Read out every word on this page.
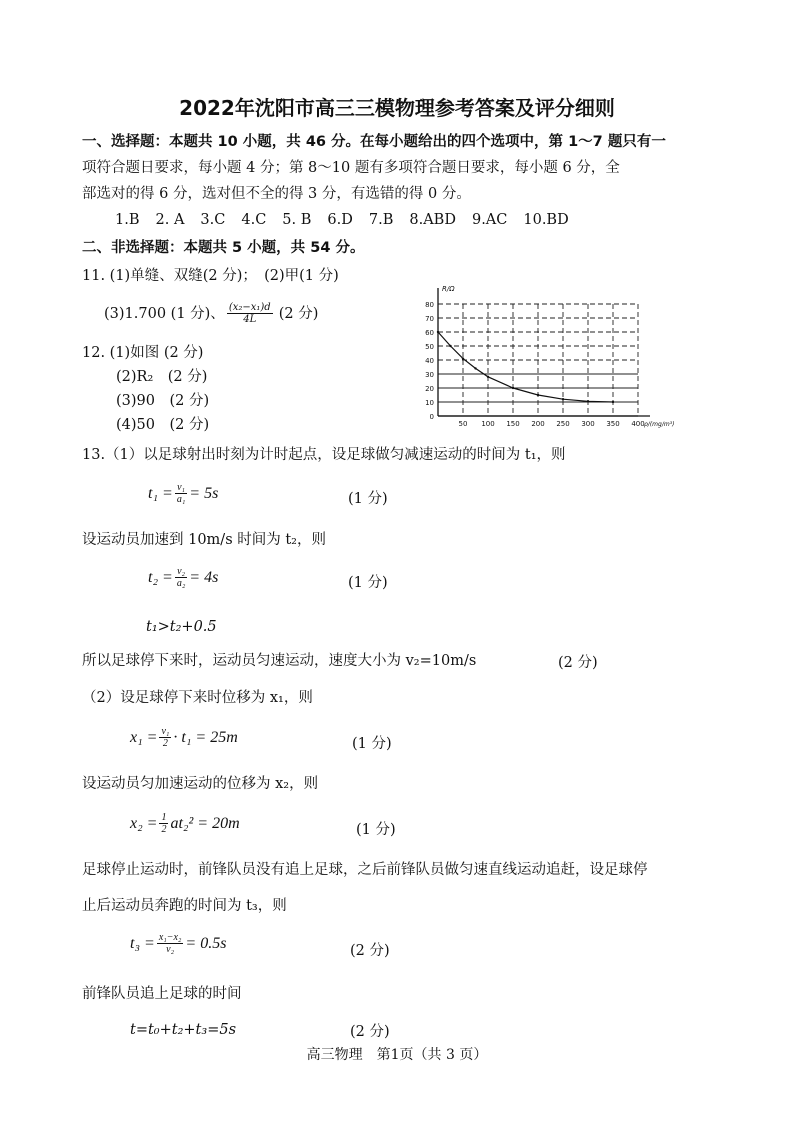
2022年沈阳市高三三模物理参考答案及评分细则
一、选择题：本题共 10 小题，共 46 分。在每小题给出的四个选项中，第 1～7 题只有一
项符合题日要求，每小题 4 分；第 8～10 题有多项符合题日要求，每小题 6 分，全
部选对的得 6 分，选对但不全的得 3 分，有选错的得 0 分。
1.B 2. A 3.C 4.C 5. B 6.D 7.B 8.ABD 9.AC 10.BD
二、非选择题：本题共 5 小题，共 54 分。
11. (1)单缝、双缝(2 分)；　(2)甲(1 分)
(3)1.700 (1 分)、 $\frac{\text{(x₂−x₁)d}}{4L} (2$ 分)
12. (1)如图 (2 分)
(2)R₂　(2 分)
(3)90　(2 分)
(4)50　(2 分)	0
10
20
30
40
50
60
70
80
50 100 150 200 250 300 350 400
R/Ω
ρ/(mg/m³)
13.（1）以足球射出时刻为计时起点，设足球做匀减速运动的时间为 t₁，则
$t_1 = \frac{\text{v₁}}{\text{a₁}} = 5s$	(1 分)
设运动员加速到 10m/s 时间为 t₂，则
$t_2 = \frac{\text{v₂}}{\text{a₂}} = 4s$	(1 分)
t₁>t₂+0.5
所以足球停下来时，运动员匀速运动，速度大小为 v₂=10m/s	(2 分)
（2）设足球停下来时位移为 x₁，则
$x_1 = \frac{\text{v₁}}{2} \cdot t_1 = 25m$	(1 分)
设运动员匀加速运动的位移为 x₂，则
$x_2 = \frac{1}{2} at_2^2 = 20m$	(1 分)
足球停止运动时，前锋队员没有追上足球，之后前锋队员做匀速直线运动追赶，设足球停
止后运动员奔跑的时间为 t₃，则
$t_3 = \frac{\text{x₁−x₂}}{\text{v₂}} = 0.5s$	(2 分)
前锋队员追上足球的时间
t=t₀+t₂+t₃=5s	(2 分)
高三物理　第1页（共 3 页）
